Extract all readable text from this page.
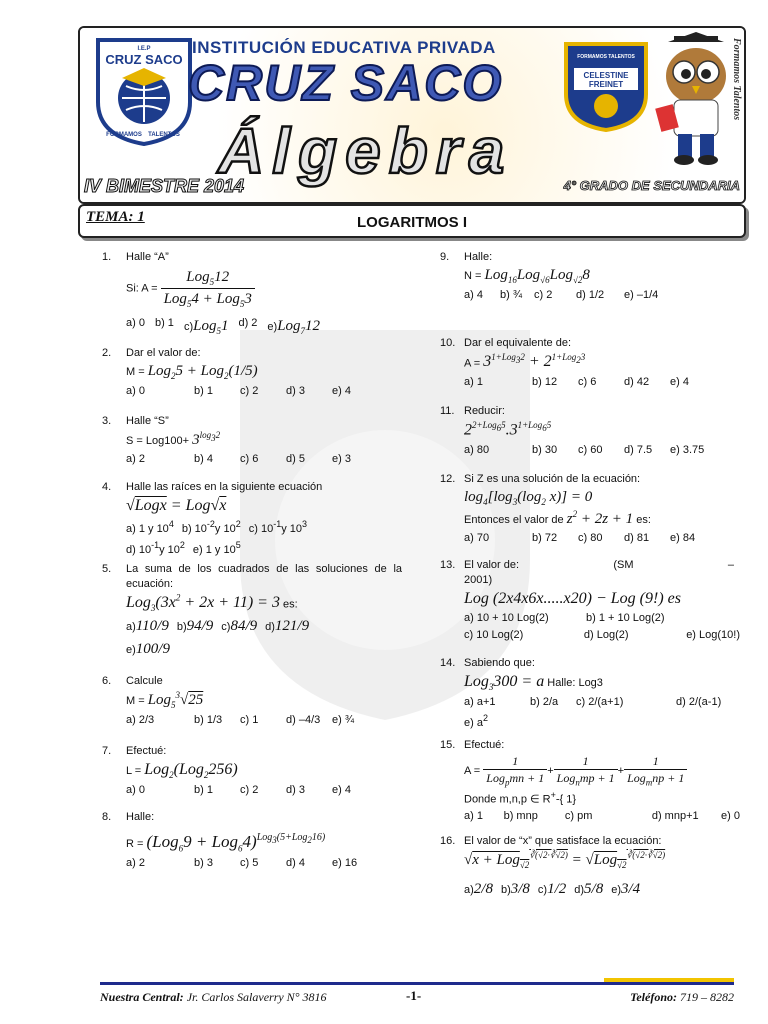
I.E.P
CRUZ SACO
FORMAMOS TALENTOS
INSTITUCIÓN EDUCATIVA PRIVADA
CRUZ SACO	FORMAMOS TALENTOS
CELESTINE
FREINET	Formamos Talentos
Álgebra
IV BIMESTRE 2014	4° GRADO DE SECUNDARIA
TEMA: 1	LOGARITMOS I
1.	Halle “A”
Si: $A = \frac{Log_512}{Log_54 + Log_53}$
a) 0 b) 1 c)Log$_5$1 d) 2 e)Log$_7$12
2.	Dar el valor de:
M = Log$_2$5 + Log$_2$(1/5)
a) 0	b) 1	c) 2	d) 3	e) 4
3.	Halle “S”
$S = Log100+ 3^{log_32}$
a) 2	b) 4	c) 6	d) 5	e) 3
4.	Halle las raíces en la siguiente ecuación
√Logx = Log√x
a) 1 y $10^4$ b) $10^{-2}y$ $10^2$ c) $10^{-1}y$ $10^3$
d) $10^{-1}y$ $10^2$ e) 1 y $10^5$
5.	La suma de los cuadrados de las soluciones de la ecuación:
$Log_3(3x^2 + 2x + 11) = 3$ es:
a)110/9 b)94/9 c)84/9 d)121/9
e)100/9
6.	Calcule
M = Log$_5^3$√25
a) 2/3	b) 1/3	c) 1	d) –4/3 e) ¾
7.	Efectué:
L = Log$_2$(Log$_2$256)
a) 0	b) 1	c) 2	d) 3	e) 4
8.	Halle:
$R = (Log_69 + Log_64)^{Log_3(5+Log_216)}$
a) 2	b) 3	c) 5	d) 4	e) 16
9.	Halle:
N = Log$_{16}$Log$_{√6}$Log$_{√2}$8
a) 4	b) ¾ c) 2	d) 1/2	e) –1/4
10. Dar el equivalente de:
$A = 3^{1+Log_32} + 2^{1+Log_23}$
a) 1	b) 12	c) 6	d) 42	e) 4
11. Reducir:
$2^{2+Log_65}.3^{1+Log_65}$
a) 80	b) 30	c) 60	d) 7.5	e) 3.75
12. Si Z es una solución de la ecuación:
$\log_4[\log_3(\log_2$ x)] = 0
Entonces el valor de $z^2 + 2z + 1$ es:
a) 70	b) 72	c) 80	d) 81	e) 84
13. El valor de:	(SM	–
2001)
Log (2x4x6x.....x20) − Log (9!) es
a) 10 + 10 Log(2)	b) 1 + 10 Log(2)
c) 10 Log(2)	d) Log(2)	e) Log(10!)
14. Sabiendo que:
Log$_3$300 = a Halle: Log3
a) a+1	b) 2/a	c) 2/(a+1)	d) 2/(a-1)
e) $a^2$
15. Efectué:
$A = \frac{1}{Log_pmn + 1} + \frac{1}{Log_nmp + 1} + \frac{1}{Log_mnp + 1}$
Donde m,n,p ∈ R+-{ 1}
a) 1	b) mnp	c) pm	d) mnp+1	e) 0
16. El valor de “x” que satisface la ecuación:
√x + Log$_{√2}^{∛(√2\cdot∛√2)}$ = √Log$_{√2}^{∛(√2\cdot∛√2)}$
a)2/8 b)3/8 c)1/2 d)5/8 e)3/4
Nuestra Central: Jr. Carlos Salaverry N° 3816	-1-	Teléfono: 719 – 8282
